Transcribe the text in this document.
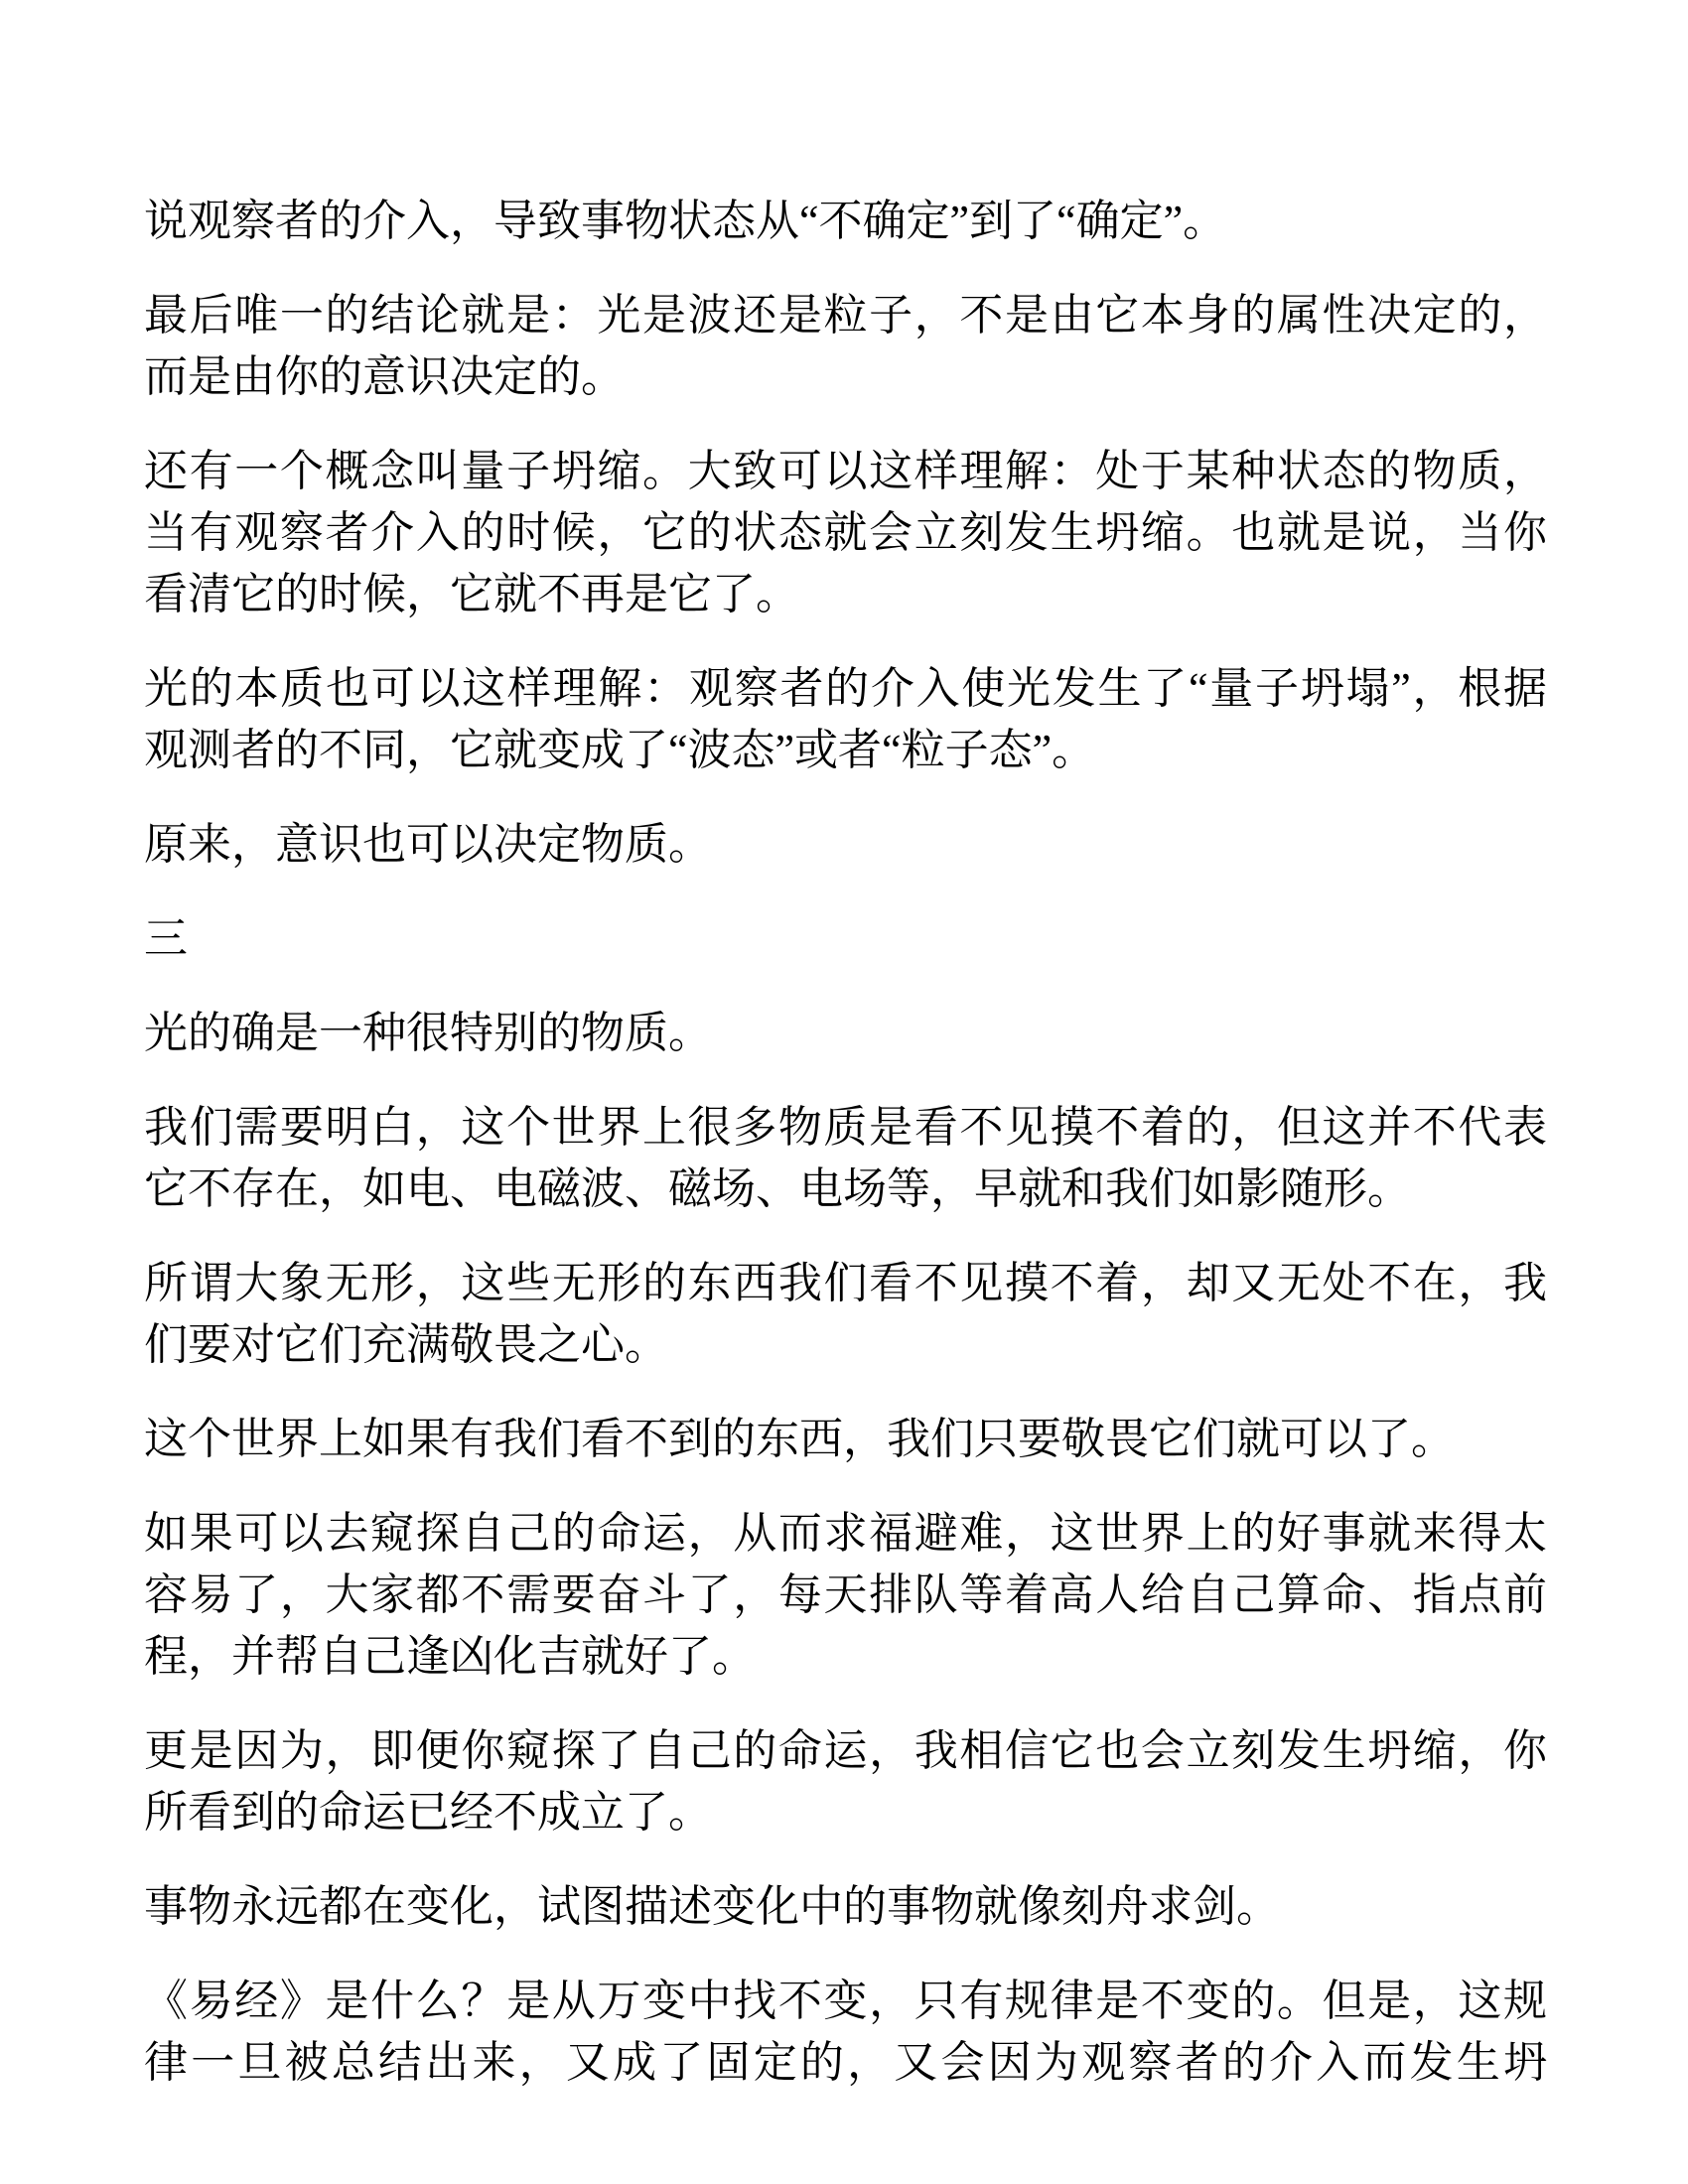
说观察者的介入，导致事物状态从“不确定”到了“确定”。

最后唯一的结论就是：光是波还是粒子，不是由它本身的属性决定的，
而是由你的意识决定的。

还有一个概念叫量子坍缩。大致可以这样理解：处于某种状态的物质，
当有观察者介入的时候，它的状态就会立刻发生坍缩。也就是说，当你
看清它的时候，它就不再是它了。

光的本质也可以这样理解：观察者的介入使光发生了“量子坍塌”，根据
观测者的不同，它就变成了“波态”或者“粒子态”。

原来，意识也可以决定物质。

三

光的确是一种很特别的物质。

我们需要明白，这个世界上很多物质是看不见摸不着的，但这并不代表
它不存在，如电、电磁波、磁场、电场等，早就和我们如影随形。

所谓大象无形，这些无形的东西我们看不见摸不着，却又无处不在，我
们要对它们充满敬畏之心。

这个世界上如果有我们看不到的东西，我们只要敬畏它们就可以了。

如果可以去窥探自己的命运，从而求福避难，这世界上的好事就来得太
容易了，大家都不需要奋斗了，每天排队等着高人给自己算命、指点前
程，并帮自己逢凶化吉就好了。

更是因为，即便你窥探了自己的命运，我相信它也会立刻发生坍缩，你
所看到的命运已经不成立了。

事物永远都在变化，试图描述变化中的事物就像刻舟求剑。

《易经》是什么？是从万变中找不变，只有规律是不变的。但是，这规
律一旦被总结出来，又成了固定的，又会因为观察者的介入而发生坍
